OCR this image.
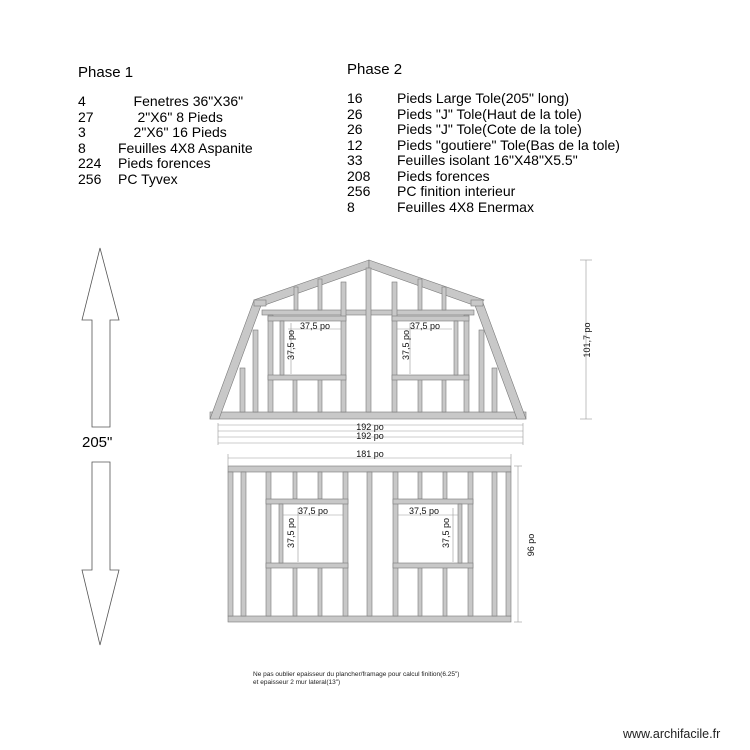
Phase 1
4	Fenetres 36"X36"
27	2"X6" 8 Pieds
3	2"X6" 16 Pieds
8	Feuilles 4X8 Aspanite
224	Pieds forences
256	PC Tyvex
Phase 2
16	Pieds Large Tole(205" long)
26	Pieds "J" Tole(Haut de la tole)
26	Pieds "J" Tole(Cote de la tole)
12	Pieds "goutiere" Tole(Bas de la tole)
33	Feuilles isolant 16"X48"X5.5"
208	Pieds forences
256	PC finition interieur
8	Feuilles 4X8 Enermax
205"
192 po
192 po
101,7 po
37,5 po
37,5 po
37,5 po
37,5 po
181 po
96 po
37,5 po
37,5 po
37,5 po
37,5 po
Ne pas oublier epaisseur du plancher/framage pour calcul finition(6.25")
et epaisseur 2 mur lateral(13")
www.archifacile.fr
